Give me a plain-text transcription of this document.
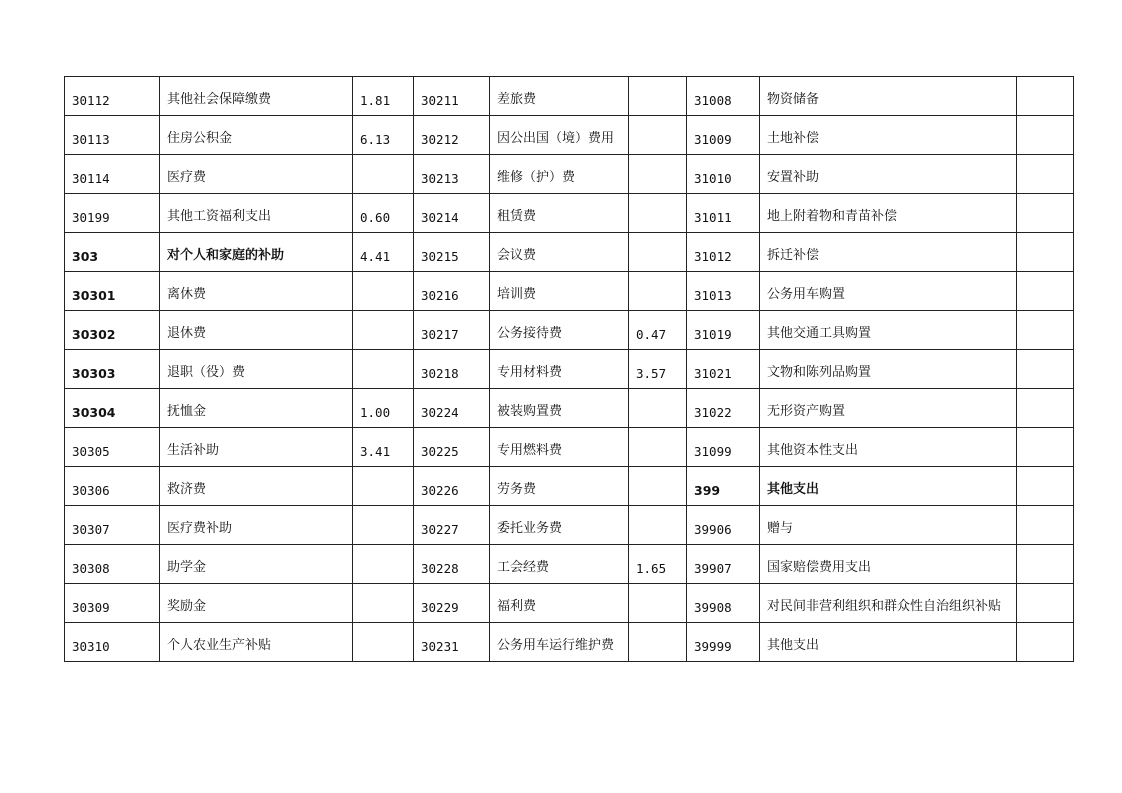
30112	其他社会保障缴费	1.81	30211	差旅费		31008	物资储备	
30113	住房公积金	6.13	30212	因公出国（境）费用		31009	土地补偿	
30114	医疗费		30213	维修（护）费		31010	安置补助	
30199	其他工资福利支出	0.60	30214	租赁费		31011	地上附着物和青苗补偿	
303	对个人和家庭的补助	4.41	30215	会议费		31012	拆迁补偿	
30301	离休费		30216	培训费		31013	公务用车购置	
30302	退休费		30217	公务接待费	0.47	31019	其他交通工具购置	
30303	退职（役）费		30218	专用材料费	3.57	31021	文物和陈列品购置	
30304	抚恤金	1.00	30224	被装购置费		31022	无形资产购置	
30305	生活补助	3.41	30225	专用燃料费		31099	其他资本性支出	
30306	救济费		30226	劳务费		399	其他支出	
30307	医疗费补助		30227	委托业务费		39906	赠与	
30308	助学金		30228	工会经费	1.65	39907	国家赔偿费用支出	
30309	奖励金		30229	福利费		39908	对民间非营利组织和群众性自治组织补贴	
30310	个人农业生产补贴		30231	公务用车运行维护费		39999	其他支出	
